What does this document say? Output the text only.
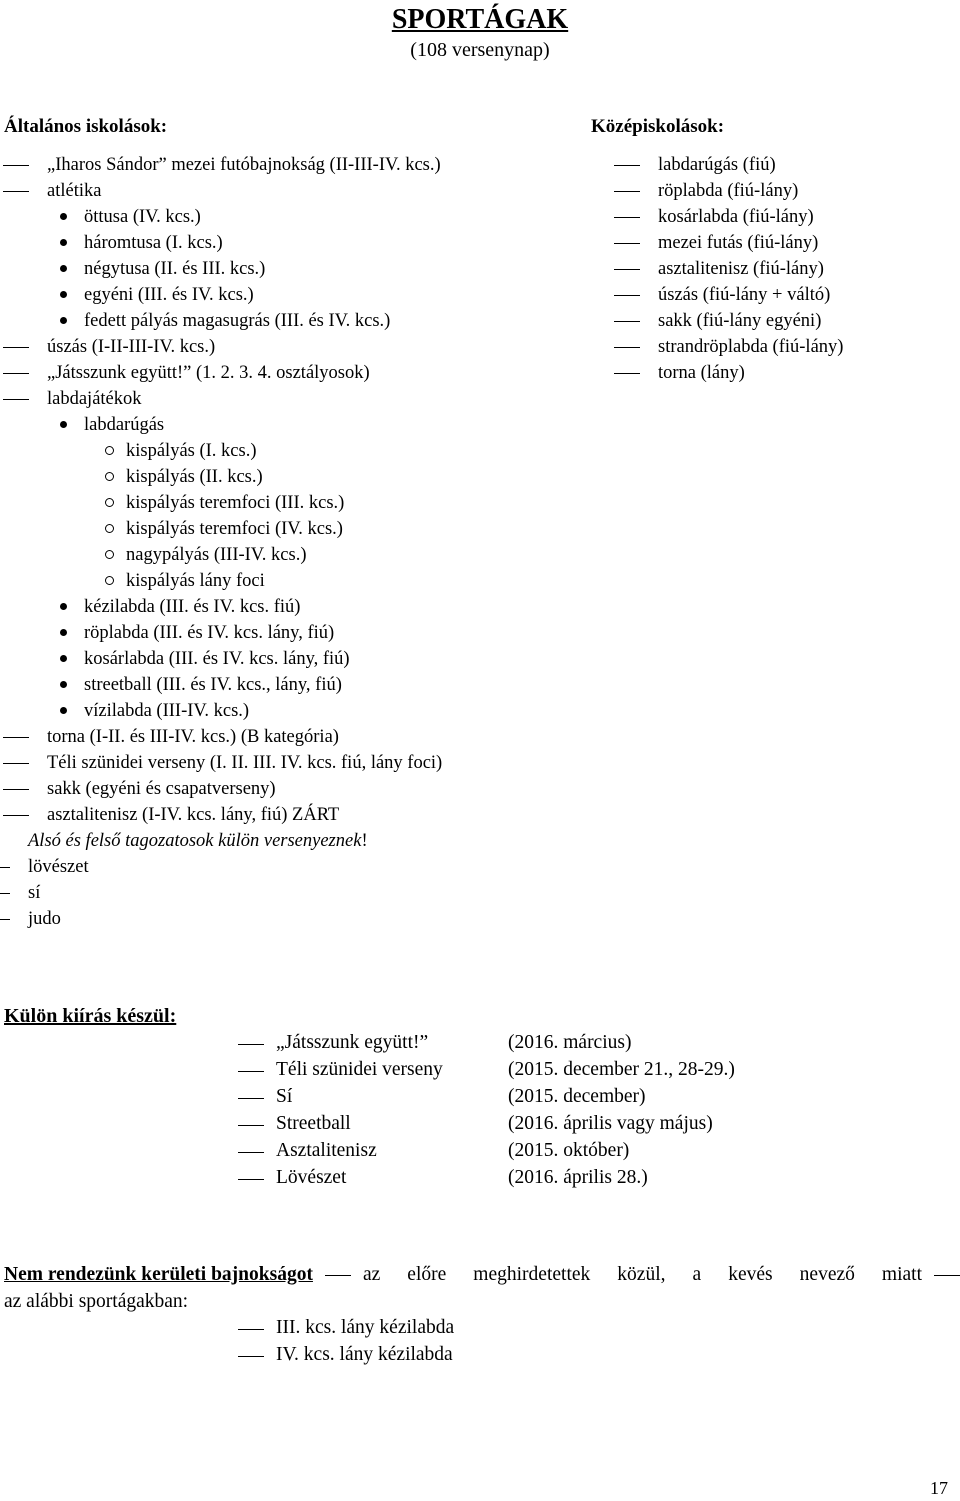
SPORTÁGAK
(108 versenynap)
Általános iskolások:
„Iharos Sándor” mezei futóbajnokság (II-III-IV. kcs.)
atlétika
öttusa (IV. kcs.)
háromtusa (I. kcs.)
négytusa (II. és III. kcs.)
egyéni (III. és IV. kcs.)
fedett pályás magasugrás (III. és IV. kcs.)
úszás (I-II-III-IV. kcs.)
„Játsszunk együtt!” (1. 2. 3. 4. osztályosok)
labdajátékok
labdarúgás
kispályás (I. kcs.)
kispályás (II. kcs.)
kispályás teremfoci (III. kcs.)
kispályás teremfoci (IV. kcs.)
nagypályás (III-IV. kcs.)
kispályás lány foci
kézilabda (III. és IV. kcs. fiú)
röplabda (III. és IV. kcs. lány, fiú)
kosárlabda (III. és IV. kcs. lány, fiú)
streetball (III. és IV. kcs., lány, fiú)
vízilabda (III-IV. kcs.)
torna (I-II. és III-IV. kcs.) (B kategória)
Téli szünidei verseny (I. II. III. IV. kcs. fiú, lány foci)
sakk (egyéni és csapatverseny)
asztalitenisz (I-IV. kcs. lány, fiú) ZÁRT
Alsó és felső tagozatosok külön versenyeznek!
lövészet
sí
judo
Középiskolások:
labdarúgás (fiú)
röplabda (fiú-lány)
kosárlabda (fiú-lány)
mezei futás (fiú-lány)
asztalitenisz (fiú-lány)
úszás (fiú-lány + váltó)
sakk (fiú-lány egyéni)
strandröplabda (fiú-lány)
torna (lány)
Külön kiírás készül:
„Játsszunk együtt!”	(2016. március)
Téli szünidei verseny	(2015. december 21., 28-29.)
Sí	(2015. december)
Streetball	(2016. április vagy május)
Asztalitenisz	(2015. október)
Lövészet	(2016. április 28.)
Nem rendezünk kerületi bajnokságot	az előre meghirdetettek közül, a kevés nevező miatt
az alábbi sportágakban:
III. kcs. lány kézilabda
IV. kcs. lány kézilabda
17
